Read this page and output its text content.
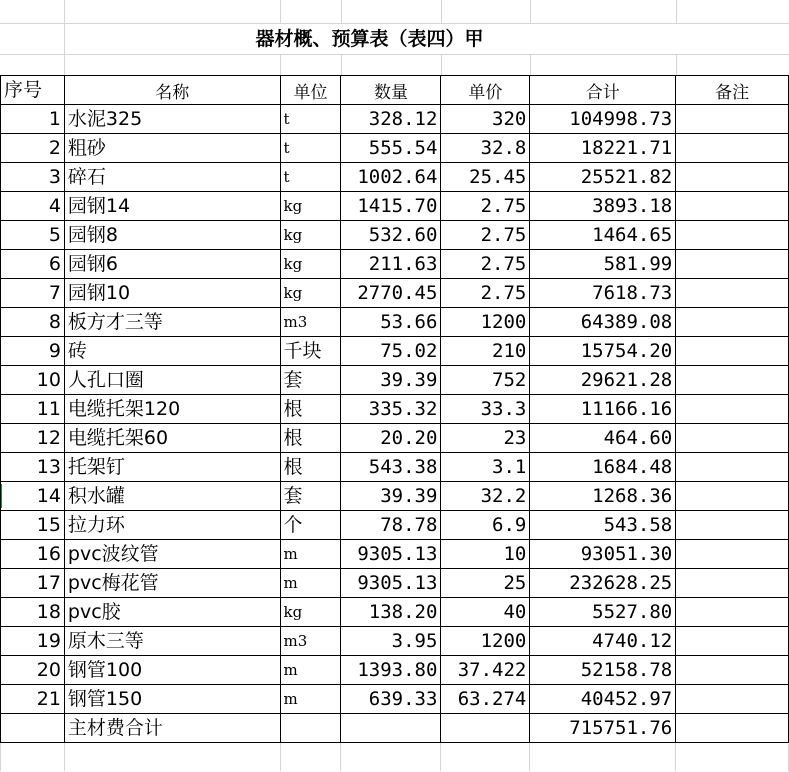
器材概、预算表（表四）甲
序号	名称	单位	数量	单价	合计	备注
1	水泥325	t	328.12	320	104998.73	
2	粗砂	t	555.54	32.8	18221.71	
3	碎石	t	1002.64	25.45	25521.82	
4	园钢14	kg	1415.70	2.75	3893.18	
5	园钢8	kg	532.60	2.75	1464.65	
6	园钢6	kg	211.63	2.75	581.99	
7	园钢10	kg	2770.45	2.75	7618.73	
8	板方才三等	m3	53.66	1200	64389.08	
9	砖	千块	75.02	210	15754.20	
10	人孔口圈	套	39.39	752	29621.28	
11	电缆托架120	根	335.32	33.3	11166.16	
12	电缆托架60	根	20.20	23	464.60	
13	托架钉	根	543.38	3.1	1684.48	
14	积水罐	套	39.39	32.2	1268.36	
15	拉力环	个	78.78	6.9	543.58	
16	pvc波纹管	m	9305.13	10	93051.30	
17	pvc梅花管	m	9305.13	25	232628.25	
18	pvc胶	kg	138.20	40	5527.80	
19	原木三等	m3	3.95	1200	4740.12	
20	钢管100	m	1393.80	37.422	52158.78	
21	钢管150	m	639.33	63.274	40452.97	
	主材费合计				715751.76	
